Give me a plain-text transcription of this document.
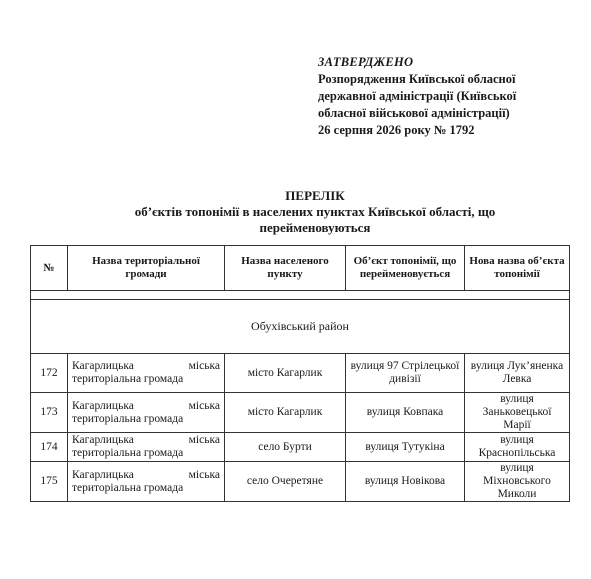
ЗАТВЕРДЖЕНО
Розпорядження Київської обласної
державної адміністрації (Київської
обласної військової адміністрації)
26 серпня 2026 року № 1792
ПЕРЕЛІК
об’єктів топонімії в населених пунктах Київської області, що
перейменовуються
№	Назва територіальної громади	Назва населеного пункту	Об’єкт топонімії, що перейменовується	Нова назва об’єкта топонімії

Обухівський район				
172	Кагарлицька міська
територіальна громада	місто Кагарлик	вулиця 97 Стрілецької дивізії	вулиця Лук’яненка Левка
173	Кагарлицька міська
територіальна громада	місто Кагарлик	вулиця Ковпака	вулиця Заньковецької Марії
174	Кагарлицька міська
територіальна громада	село Бурти	вулиця Тутукіна	вулиця Краснопільська
175	Кагарлицька міська
територіальна громада	село Очеретяне	вулиця Новікова	вулиця Міхновського Миколи
